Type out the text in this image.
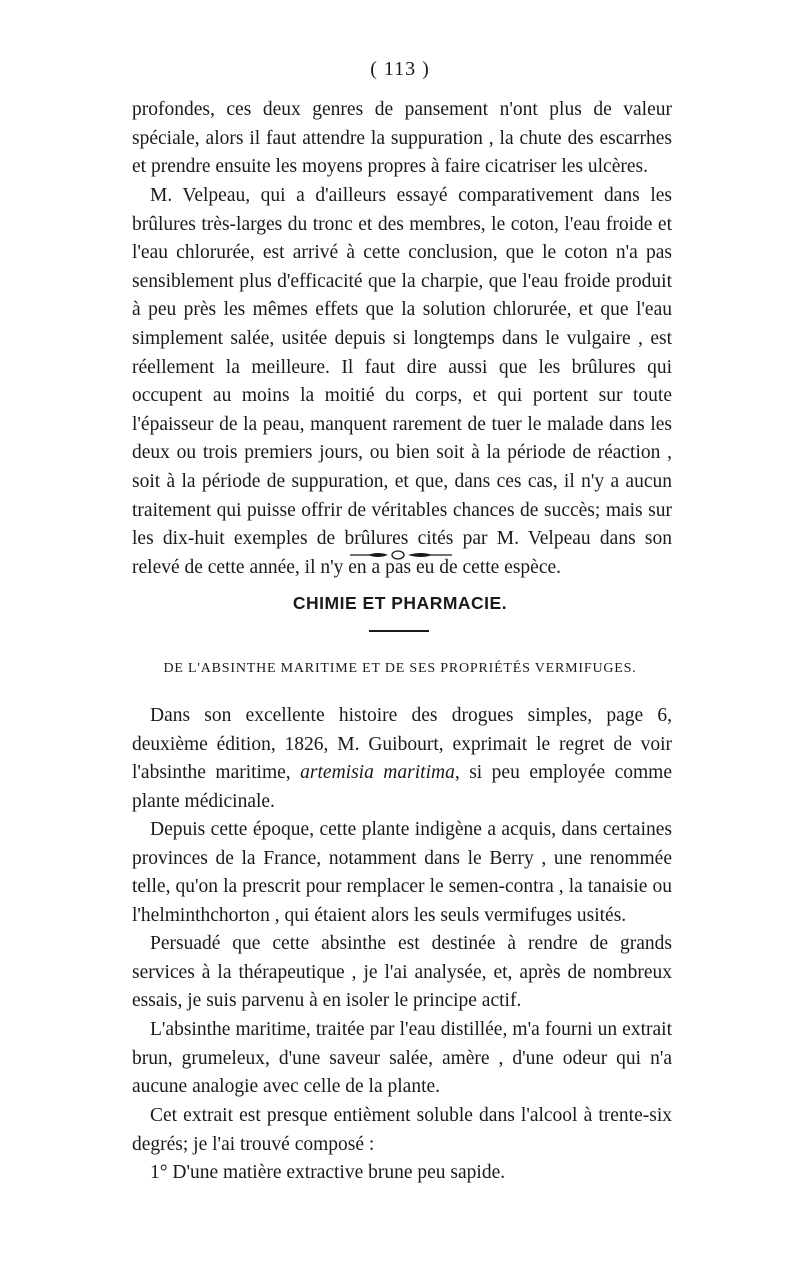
( 113 )

profondes, ces deux genres de pansement n'ont plus de valeur spéciale, alors il faut attendre la suppuration , la chute des escarrhes et prendre ensuite les moyens propres à faire cicatriser les ulcères.

M. Velpeau, qui a d'ailleurs essayé comparativement dans les brûlures très-larges du tronc et des membres, le coton, l'eau froide et l'eau chlorurée, est arrivé à cette conclusion, que le coton n'a pas sensiblement plus d'efficacité que la charpie, que l'eau froide produit à peu près les mêmes effets que la solution chlorurée, et que l'eau simplement salée, usitée depuis si longtemps dans le vulgaire , est réellement la meilleure. Il faut dire aussi que les brûlures qui occupent au moins la moitié du corps, et qui portent sur toute l'épaisseur de la peau, manquent rarement de tuer le malade dans les deux ou trois premiers jours, ou bien soit à la période de réaction , soit à la période de suppuration, et que, dans ces cas, il n'y a aucun traitement qui puisse offrir de véritables chances de succès; mais sur les dix-huit exemples de brûlures cités par M. Velpeau dans son relevé de cette année, il n'y en a pas eu de cette espèce.

CHIMIE ET PHARMACIE.

DE L'ABSINTHE MARITIME ET DE SES PROPRIÉTÉS VERMIFUGES.

Dans son excellente histoire des drogues simples, page 6, deuxième édition, 1826, M. Guibourt, exprimait le regret de voir l'absinthe maritime, artemisia maritima, si peu employée comme plante médicinale.

Depuis cette époque, cette plante indigène a acquis, dans certaines provinces de la France, notamment dans le Berry , une renommée telle, qu'on la prescrit pour remplacer le semen-contra , la tanaisie ou l'helminthchorton , qui étaient alors les seuls vermifuges usités.

Persuadé que cette absinthe est destinée à rendre de grands services à la thérapeutique , je l'ai analysée, et, après de nombreux essais, je suis parvenu à en isoler le principe actif.

L'absinthe maritime, traitée par l'eau distillée, m'a fourni un extrait brun, grumeleux, d'une saveur salée, amère , d'une odeur qui n'a aucune analogie avec celle de la plante.

Cet extrait est presque entièment soluble dans l'alcool à trente-six degrés; je l'ai trouvé composé :

1° D'une matière extractive brune peu sapide.
